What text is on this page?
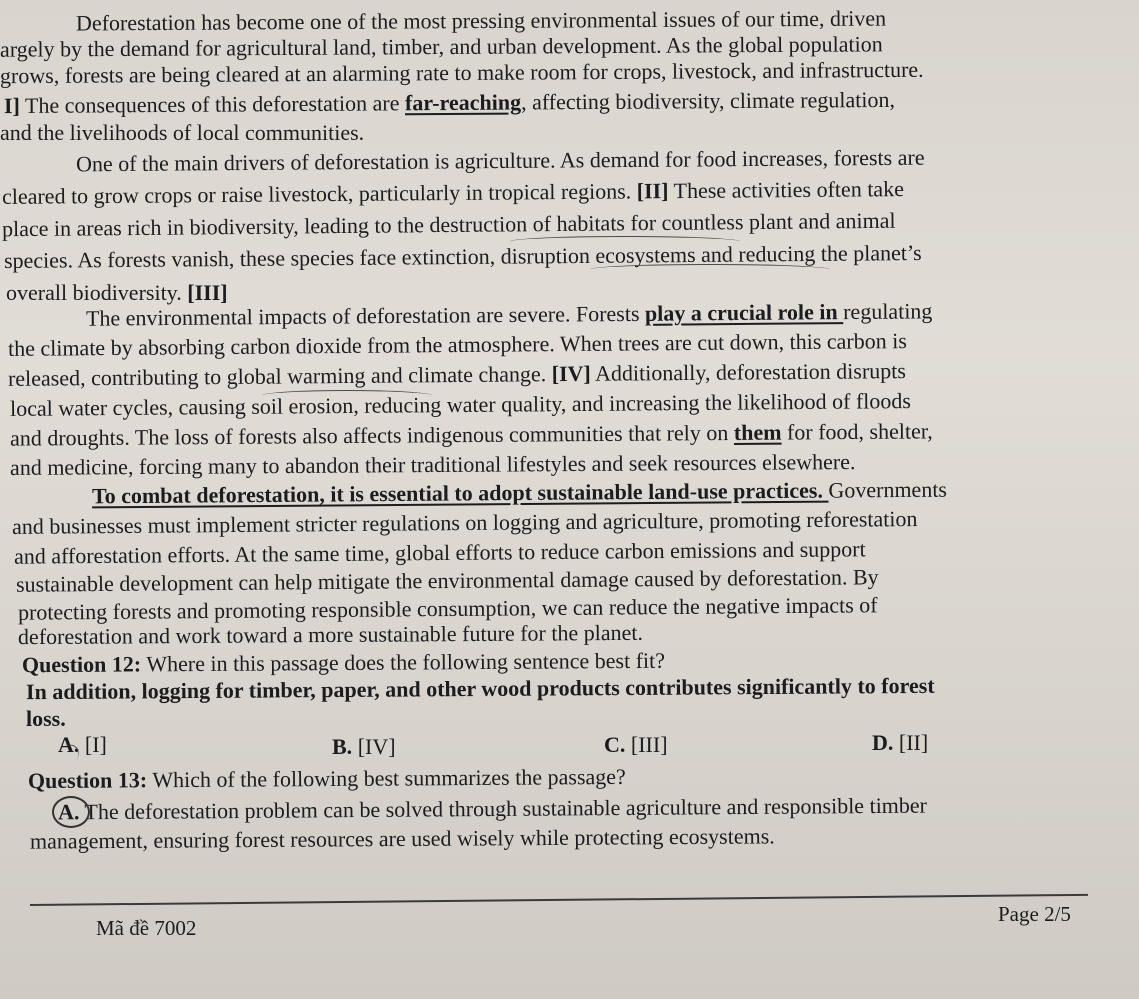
Deforestation has become one of the most pressing environmental issues of our time, driven
argely by the demand for agricultural land, timber, and urban development. As the global population
grows, forests are being cleared at an alarming rate to make room for crops, livestock, and infrastructure.
I] The consequences of this deforestation are far-reaching, affecting biodiversity, climate regulation,
and the livelihoods of local communities.
One of the main drivers of deforestation is agriculture. As demand for food increases, forests are
cleared to grow crops or raise livestock, particularly in tropical regions. [II] These activities often take
place in areas rich in biodiversity, leading to the destruction of habitats for countless plant and animal
species. As forests vanish, these species face extinction, disruption ecosystems and reducing the planet’s
overall biodiversity. [III]
The environmental impacts of deforestation are severe. Forests play a crucial role in regulating
the climate by absorbing carbon dioxide from the atmosphere. When trees are cut down, this carbon is
released, contributing to global warming and climate change. [IV] Additionally, deforestation disrupts
local water cycles, causing soil erosion, reducing water quality, and increasing the likelihood of floods
and droughts. The loss of forests also affects indigenous communities that rely on them for food, shelter,
and medicine, forcing many to abandon their traditional lifestyles and seek resources elsewhere.
To combat deforestation, it is essential to adopt sustainable land-use practices. Governments
and businesses must implement stricter regulations on logging and agriculture, promoting reforestation
and afforestation efforts. At the same time, global efforts to reduce carbon emissions and support
sustainable development can help mitigate the environmental damage caused by deforestation. By
protecting forests and promoting responsible consumption, we can reduce the negative impacts of
deforestation and work toward a more sustainable future for the planet.
Question 12: Where in this passage does the following sentence best fit?
In addition, logging for timber, paper, and other wood products contributes significantly to forest
loss.
A. [I]	B. [IV]	C. [III]	D. [II]
Question 13: Which of the following best summarizes the passage?
A. The deforestation problem can be solved through sustainable agriculture and responsible timber
management, ensuring forest resources are used wisely while protecting ecosystems.
Mã đề 7002
Page 2/5
